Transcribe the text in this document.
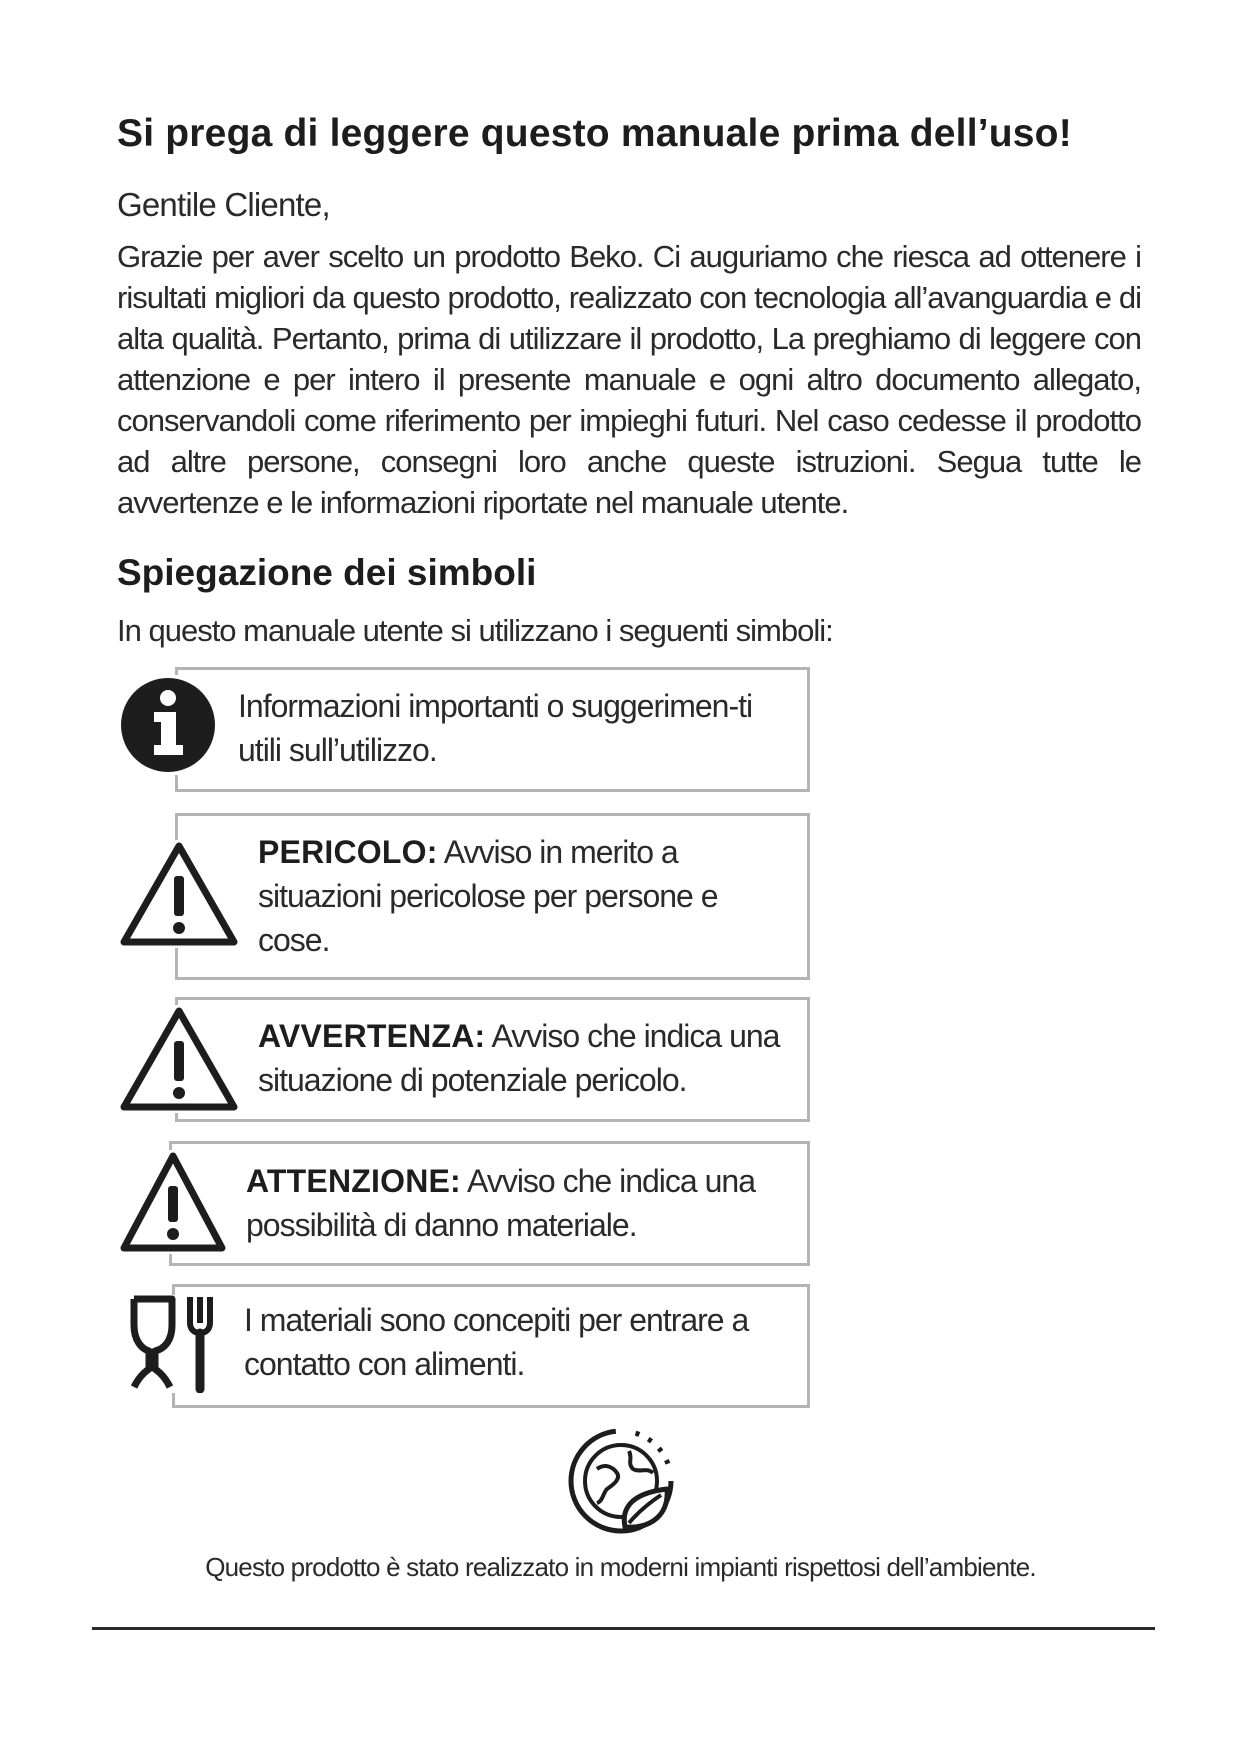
Si prega di leggere questo manuale prima dell’uso!

Gentile Cliente,

Grazie per aver scelto un prodotto Beko. Ci auguriamo che riesca ad ottenere i risultati migliori da questo prodotto, realizzato con tecnologia all’avanguardia e di alta qualità. Pertanto, prima di utilizzare il prodotto, La preghiamo di leggere con attenzione e per intero il presente manuale e ogni altro documento allegato, conservandoli come riferimento per impieghi futuri. Nel caso cedesse il prodotto ad altre persone, consegni loro anche queste istruzioni. Segua tutte le avvertenze e le informazioni riportate nel manuale utente.

Spiegazione dei simboli

In questo manuale utente si utilizzano i seguenti simboli:

Informazioni importanti o suggerimen-ti utili sull’utilizzo.

PERICOLO: Avviso in merito a situazioni pericolose per persone e cose.

AVVERTENZA: Avviso che indica una situazione di potenziale pericolo.

ATTENZIONE: Avviso che indica una possibilità di danno materiale.

I materiali sono concepiti per entrare a contatto con alimenti.

Questo prodotto è stato realizzato in moderni impianti rispettosi dell’ambiente.
